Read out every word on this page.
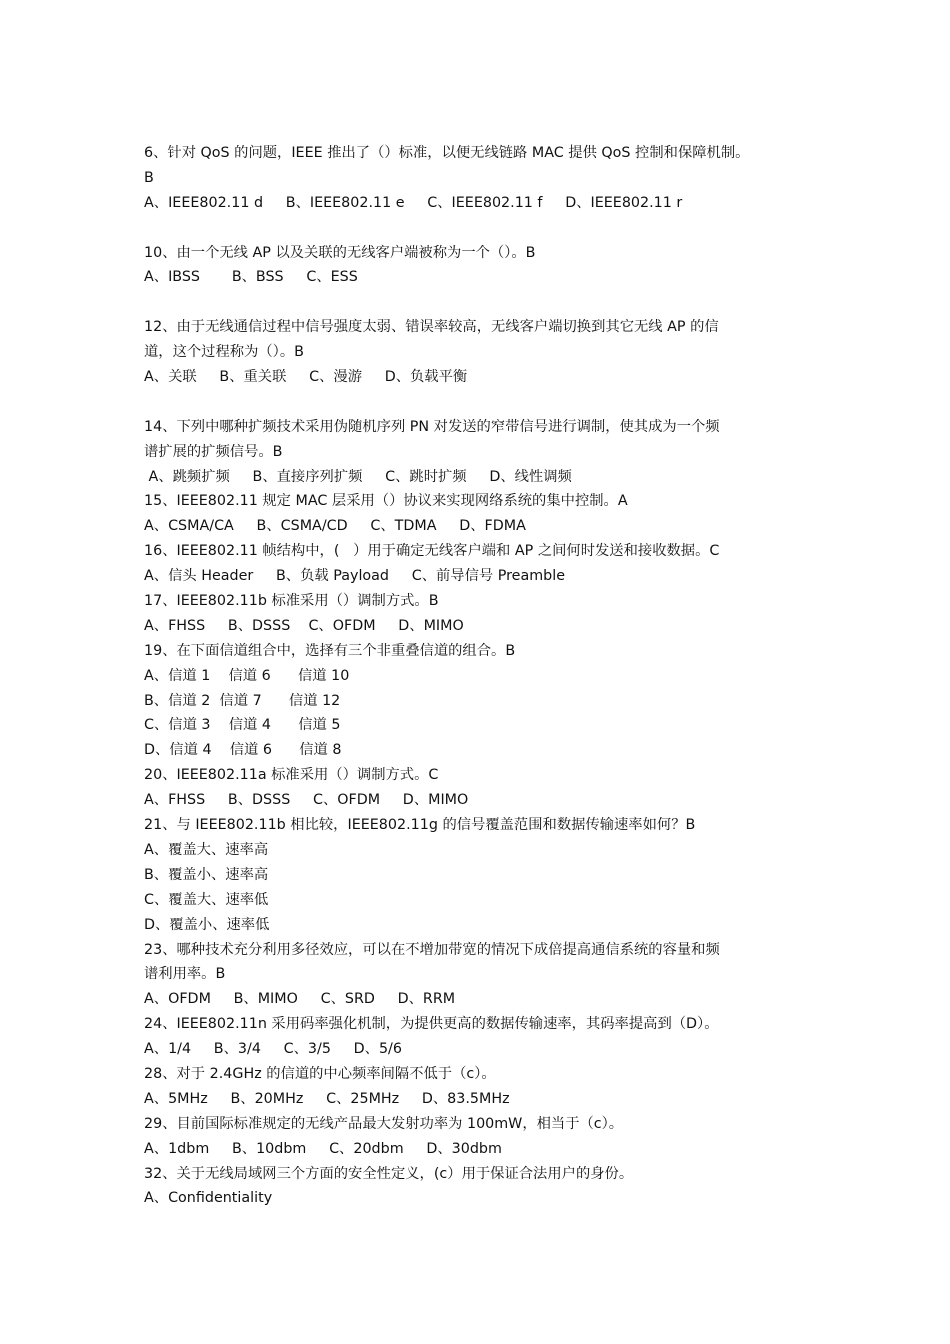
6、针对 QoS 的问题，IEEE 推出了（）标准，以便无线链路 MAC 提供 QoS 控制和保障机制。
B
A、IEEE802.11 d     B、IEEE802.11 e     C、IEEE802.11 f     D、IEEE802.11 r
10、由一个无线 AP 以及关联的无线客户端被称为一个（）。B
A、IBSS       B、BSS     C、ESS
12、由于无线通信过程中信号强度太弱、错误率较高，无线客户端切换到其它无线 AP 的信
道，这个过程称为（）。B
A、关联     B、重关联     C、漫游     D、负载平衡
14、下列中哪种扩频技术采用伪随机序列 PN 对发送的窄带信号进行调制，使其成为一个频
谱扩展的扩频信号。B
A、跳频扩频     B、直接序列扩频     C、跳时扩频     D、线性调频
15、IEEE802.11 规定 MAC 层采用（）协议来实现网络系统的集中控制。A
A、CSMA/CA     B、CSMA/CD     C、TDMA     D、FDMA
16、IEEE802.11 帧结构中，(   ）用于确定无线客户端和 AP 之间何时发送和接收数据。C
A、信头 Header     B、负载 Payload     C、前导信号 Preamble
17、IEEE802.11b 标准采用（）调制方式。B
A、FHSS     B、DSSS    C、OFDM     D、MIMO
19、在下面信道组合中，选择有三个非重叠信道的组合。B
A、信道 1    信道 6      信道 10
B、信道 2  信道 7      信道 12
C、信道 3    信道 4      信道 5
D、信道 4    信道 6      信道 8
20、IEEE802.11a 标准采用（）调制方式。C
A、FHSS     B、DSSS     C、OFDM     D、MIMO
21、与 IEEE802.11b 相比较，IEEE802.11g 的信号覆盖范围和数据传输速率如何？B
A、覆盖大、速率高
B、覆盖小、速率高
C、覆盖大、速率低
D、覆盖小、速率低
23、哪种技术充分利用多径效应，可以在不增加带宽的情况下成倍提高通信系统的容量和频
谱利用率。B
A、OFDM     B、MIMO     C、SRD     D、RRM
24、IEEE802.11n 采用码率强化机制，为提供更高的数据传输速率，其码率提高到（D）。
A、1/4     B、3/4     C、3/5     D、5/6
28、对于 2.4GHz 的信道的中心频率间隔不低于（c）。
A、5MHz     B、20MHz     C、25MHz     D、83.5MHz
29、目前国际标准规定的无线产品最大发射功率为 100mW，相当于（c）。
A、1dbm     B、10dbm     C、20dbm     D、30dbm
32、关于无线局域网三个方面的安全性定义，(c）用于保证合法用户的身份。
A、Confidentiality
